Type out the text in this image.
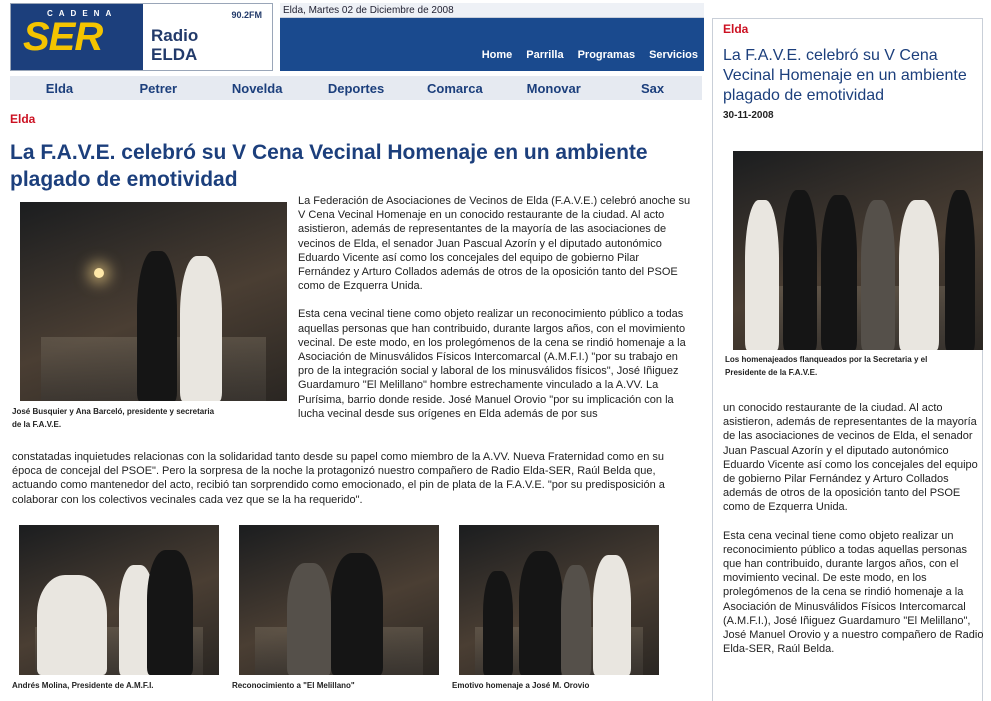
CADENA
SER	90.2FM
Radio
ELDA
Elda, Martes 02 de Diciembre de 2008
Home Parrilla Programas Servicios
Elda	Petrer	Novelda	Deportes	Comarca	Monovar	Sax
Elda
La F.A.V.E. celebró su V Cena Vecinal Homenaje en un ambiente plagado de emotividad
José Busquier y Ana Barceló, presidente y secretaria de la F.A.V.E.

La Federación de Asociaciones de Vecinos de Elda (F.A.V.E.) celebró anoche su V Cena Vecinal Homenaje en un conocido restaurante de la ciudad. Al acto asistieron, además de representantes de la mayoría de las asociaciones de vecinos de Elda, el senador Juan Pascual Azorín y el diputado autonómico Eduardo Vicente así como los concejales del equipo de gobierno Pilar Fernández y Arturo Collados además de otros de la oposición tanto del PSOE como de Ezquerra Unida.

Esta cena vecinal tiene como objeto realizar un reconocimiento público a todas aquellas personas que han contribuido, durante largos años, con el movimiento vecinal. De este modo, en los prolegómenos de la cena se rindió homenaje a la Asociación de Minusválidos Físicos Intercomarcal (A.M.F.I.) "por su trabajo en pro de la integración social y laboral de los minusválidos físicos", José Iñiguez Guardamuro "El Melillano" hombre estrechamente vinculado a la A.VV. La Purísima, barrio donde reside. José Manuel Orovio "por su implicación con la lucha vecinal desde sus orígenes en Elda además de por sus

constatadas inquietudes relacionas con la solidaridad tanto desde su papel como miembro de la A.VV. Nueva Fraternidad como en su época de concejal del PSOE". Pero la sorpresa de la noche la protagonizó nuestro compañero de Radio Elda-SER, Raúl Belda que, actuando como mantenedor del acto, recibió tan sorprendido como emocionado, el pin de plata de la F.A.V.E. "por su predisposición a colaborar con los colectivos vecinales cada vez que se la ha requerido".

Andrés Molina, Presidente de A.M.F.I.	Reconocimiento a "El Melillano"	Emotivo homenaje a José M. Orovio
Elda
La F.A.V.E. celebró su V Cena Vecinal Homenaje en un ambiente plagado de emotividad
30-11-2008
Los homenajeados flanqueados por la Secretaria y el Presidente de la F.A.V.E.

un conocido restaurante de la ciudad. Al acto asistieron, además de representantes de la mayoría de las asociaciones de vecinos de Elda, el senador Juan Pascual Azorín y el diputado autonómico Eduardo Vicente así como los concejales del equipo de gobierno Pilar Fernández y Arturo Collados además de otros de la oposición tanto del PSOE como de Ezquerra Unida.

Esta cena vecinal tiene como objeto realizar un reconocimiento público a todas aquellas personas que han contribuido, durante largos años, con el movimiento vecinal. De este modo, en los prolegómenos de la cena se rindió homenaje a la Asociación de Minusválidos Físicos Intercomarcal (A.M.F.I.), José Iñiguez Guardamuro "El Melillano", José Manuel Orovio y a nuestro compañero de Radio Elda-SER, Raúl Belda.
